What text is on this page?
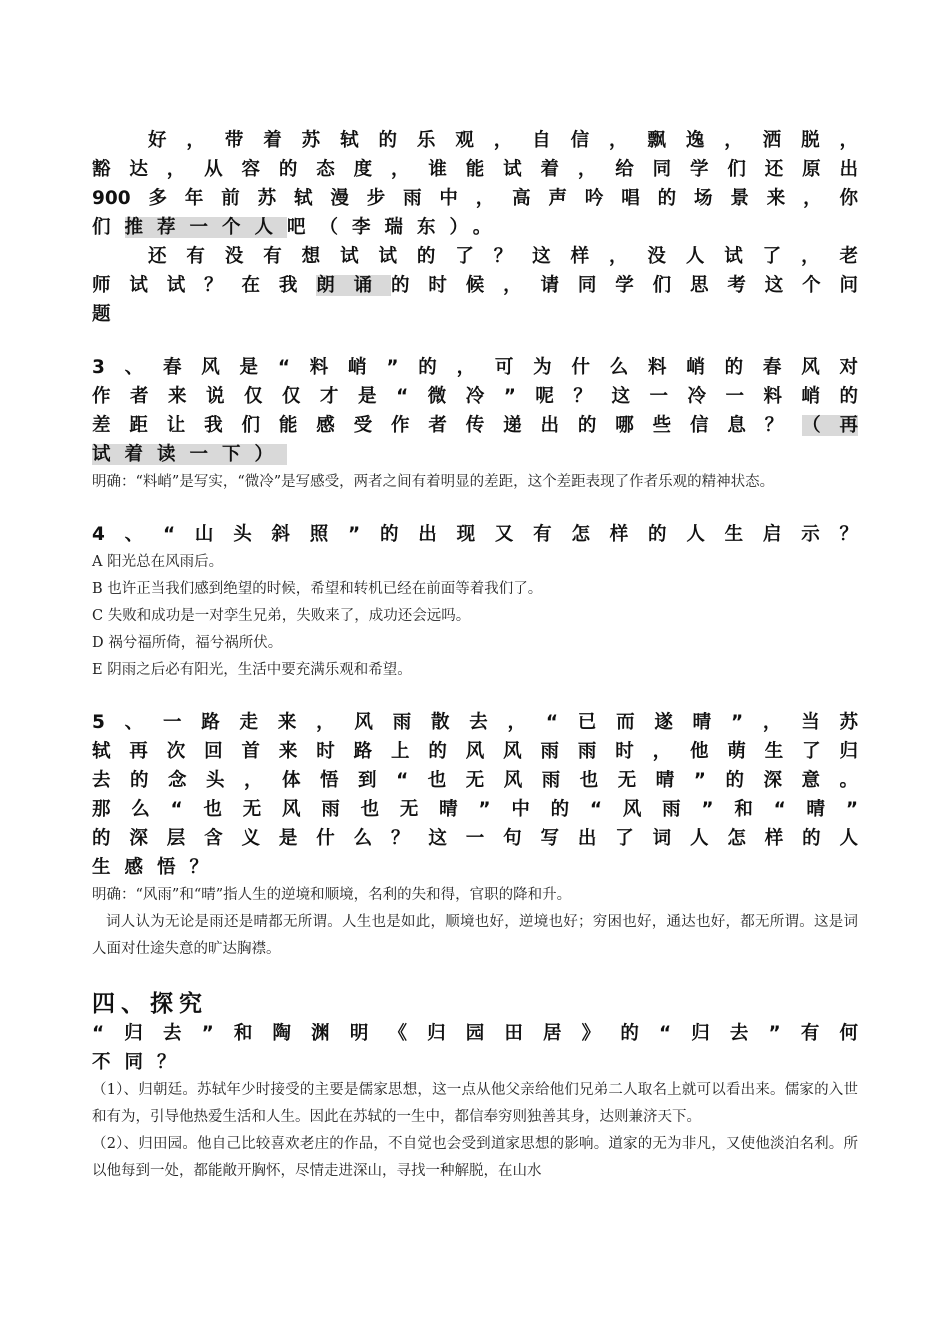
好，带着苏轼的乐观，自信，飘逸，洒脱，
豁达，从容的态度，谁能试着，给同学们还原出
900多年前苏轼漫步雨中，高声吟唱的场景来，你
们推荐一个人吧（李瑞东）。
还有没有想试试的了？这样，没人试了，老
师试试？在我朗诵的时候，请同学们思考这个问
题
3、春风是“料峭”的，可为什么料峭的春风对
作者来说仅仅才是“微冷”呢？这一冷一料峭的
差距让我们能感受作者传递出的哪些信息？（再
试着读一下）
明确：“料峭”是写实，“微冷”是写感受，两者之间有着明显的差距，这个差距表现了作者乐观的精神状态。
4、“山头斜照”的出现又有怎样的人生启示？
A 阳光总在风雨后。
B 也许正当我们感到绝望的时候，希望和转机已经在前面等着我们了。
C 失败和成功是一对孪生兄弟，失败来了，成功还会远吗。
D 祸兮福所倚，福兮祸所伏。
E 阴雨之后必有阳光，生活中要充满乐观和希望。
5、一路走来，风雨散去，“已而遂晴”，当苏
轼再次回首来时路上的风风雨雨时，他萌生了归
去的念头，体悟到“也无风雨也无晴”的深意。
那么“也无风雨也无晴”中的“风雨”和“晴”
的深层含义是什么？这一句写出了词人怎样的人
生感悟？
明确：“风雨”和“晴”指人生的逆境和顺境，名利的失和得，官职的降和升。
词人认为无论是雨还是晴都无所谓。人生也是如此，顺境也好，逆境也好；穷困也好，通达也好，都无所谓。这是词人面对仕途失意的旷达胸襟。
四、探究
“归去”和陶渊明《归园田居》的“归去”有何
不同？
（1）、归朝廷。苏轼年少时接受的主要是儒家思想，这一点从他父亲给他们兄弟二人取名上就可以看出来。儒家的入世和有为，引导他热爱生活和人生。因此在苏轼的一生中，都信奉穷则独善其身，达则兼济天下。
（2）、归田园。他自己比较喜欢老庄的作品，不自觉也会受到道家思想的影响。道家的无为非凡，又使他淡泊名利。所以他每到一处，都能敞开胸怀，尽情走进深山，寻找一种解脱，在山水
